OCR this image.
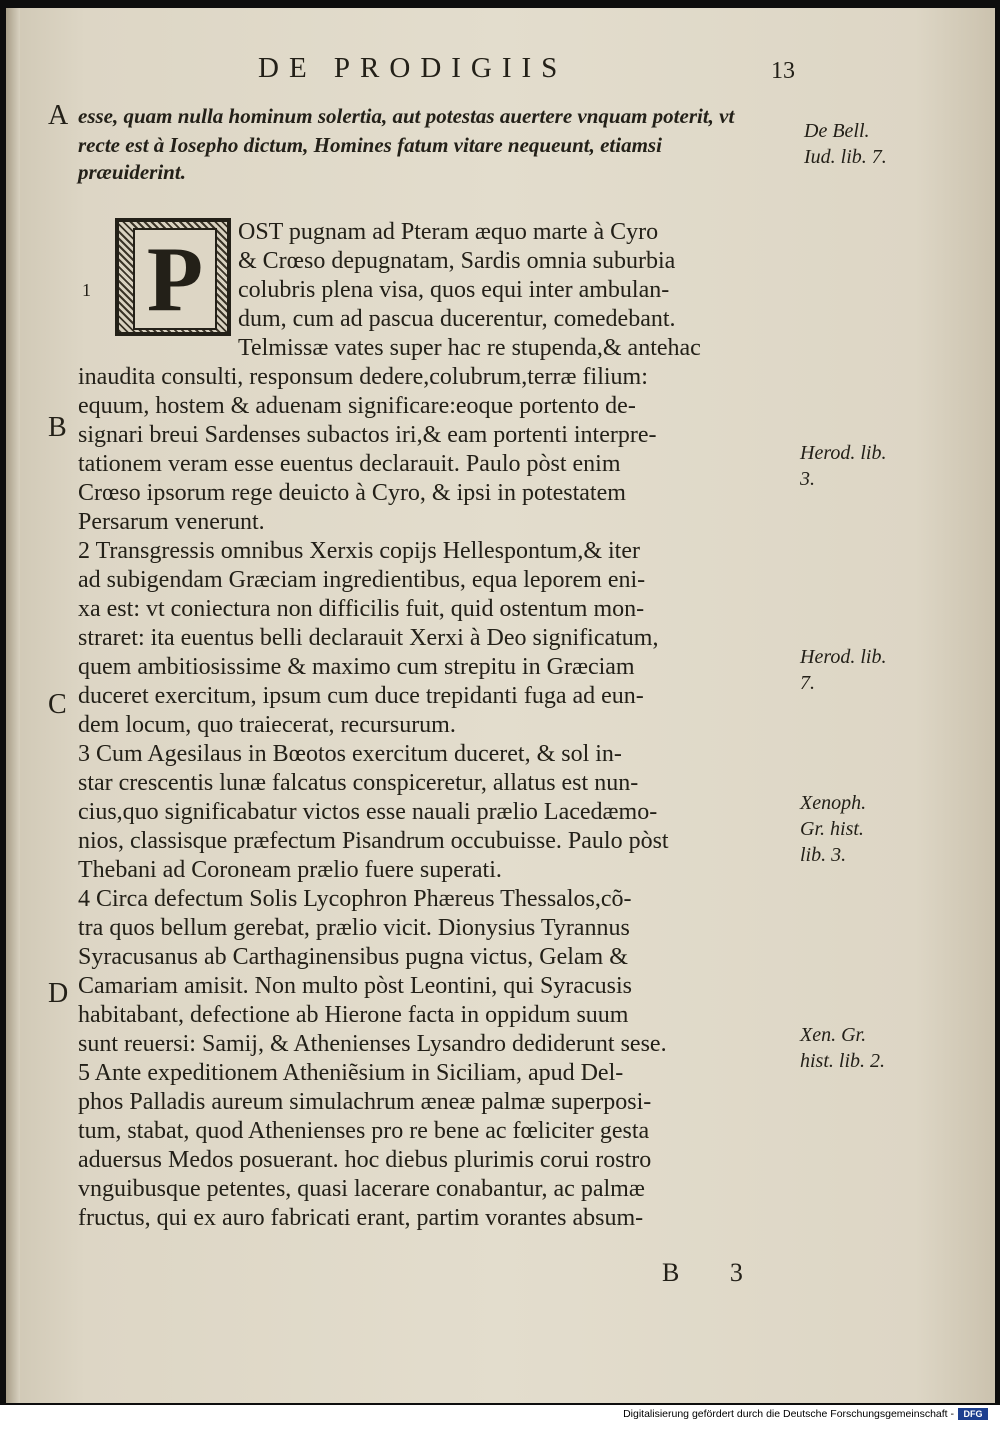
DE PRODIGIIS	13
A esse, quam nulla hominum solertia, aut potestas auertere vnquam poterit, vt
recte est à Iosepho dictum, Homines fatum vitare nequeunt, etiamsi
præuiderint.
P
1
B
C
D
OST pugnam ad Pteram æquo marte à Cyro
& Crœso depugnatam, Sardis omnia suburbia
colubris plena visa, quos equi inter ambulan-
dum, cum ad pascua ducerentur, comedebant.
Telmissæ vates super hac re stupenda,& antehac
inaudita consulti, responsum dedere,colubrum,terræ filium:
equum, hostem & aduenam significare:eoque portento de-
signari breui Sardenses subactos iri,& eam portenti interpre-
tationem veram esse euentus declarauit. Paulo pòst enim
Crœso ipsorum rege deuicto à Cyro, & ipsi in potestatem
Persarum venerunt.
2 Transgressis omnibus Xerxis copijs Hellespontum,& iter
ad subigendam Græciam ingredientibus, equa leporem eni-
xa est: vt coniectura non difficilis fuit, quid ostentum mon-
straret: ita euentus belli declarauit Xerxi à Deo significatum,
quem ambitiosissime & maximo cum strepitu in Græciam
duceret exercitum, ipsum cum duce trepidanti fuga ad eun-
dem locum, quo traiecerat, recursurum.
3 Cum Agesilaus in Bœotos exercitum duceret, & sol in-
star crescentis lunæ falcatus conspiceretur, allatus est nun-
cius,quo significabatur victos esse nauali prælio Lacedæmo-
nios, classisque præfectum Pisandrum occubuisse. Paulo pòst
Thebani ad Coroneam prælio fuere superati.
4 Circa defectum Solis Lycophron Phæreus Thessalos,cõ-
tra quos bellum gerebat, prælio vicit. Dionysius Tyrannus
Syracusanus ab Carthaginensibus pugna victus, Gelam &
Camariam amisit. Non multo pòst Leontini, qui Syracusis
habitabant, defectione ab Hierone facta in oppidum suum
sunt reuersi: Samij, & Athenienses Lysandro dediderunt sese.
5 Ante expeditionem Atheniẽsium in Siciliam, apud Del-
phos Palladis aureum simulachrum æneæ palmæ superposi-
tum, stabat, quod Athenienses pro re bene ac fœliciter gesta
aduersus Medos posuerant. hoc diebus plurimis corui rostro
vnguibusque petentes, quasi lacerare conabantur, ac palmæ
fructus, qui ex auro fabricati erant, partim vorantes absum-
De Bell.
Iud. lib. 7.
Herod. lib.
3.
Herod. lib.
7.
Xenoph.
Gr. hist.
lib. 3.
Xen. Gr.
hist. lib. 2.
B 3
Digitalisierung gefördert durch die Deutsche Forschungsgemeinschaft -	DFG
